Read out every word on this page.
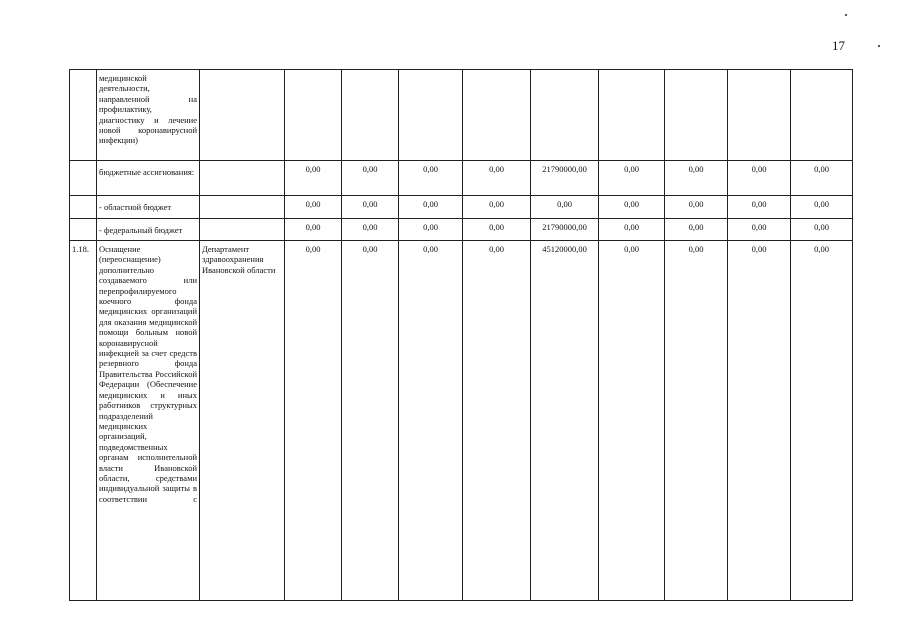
17
	медицинской деятельности, направленной на профилактику, диагностику и лечение новой коронавирусной инфекции)										
	бюджетные ассигнования:		0,00	0,00	0,00	0,00	21790000,00	0,00	0,00	0,00	0,00
	- областной бюджет		0,00	0,00	0,00	0,00	0,00	0,00	0,00	0,00	0,00
	- федеральный бюджет		0,00	0,00	0,00	0,00	21790000,00	0,00	0,00	0,00	0,00
1.18.	Оснащение (переоснащение) дополнительно создаваемого или перепрофилируемого коечного фонда медицинских организаций для оказания медицинской помощи больным новой коронавирусной инфекцией за счет средств резервного фонда Правительства Российской Федерации (Обеспечение медицинских и иных работников структурных подразделений медицинских организаций, подведомственных органам исполнительной власти Ивановской области, средствами индивидуальной защиты в соответствии с	Департамент здравоохранения Ивановской области	0,00	0,00	0,00	0,00	45120000,00	0,00	0,00	0,00	0,00
